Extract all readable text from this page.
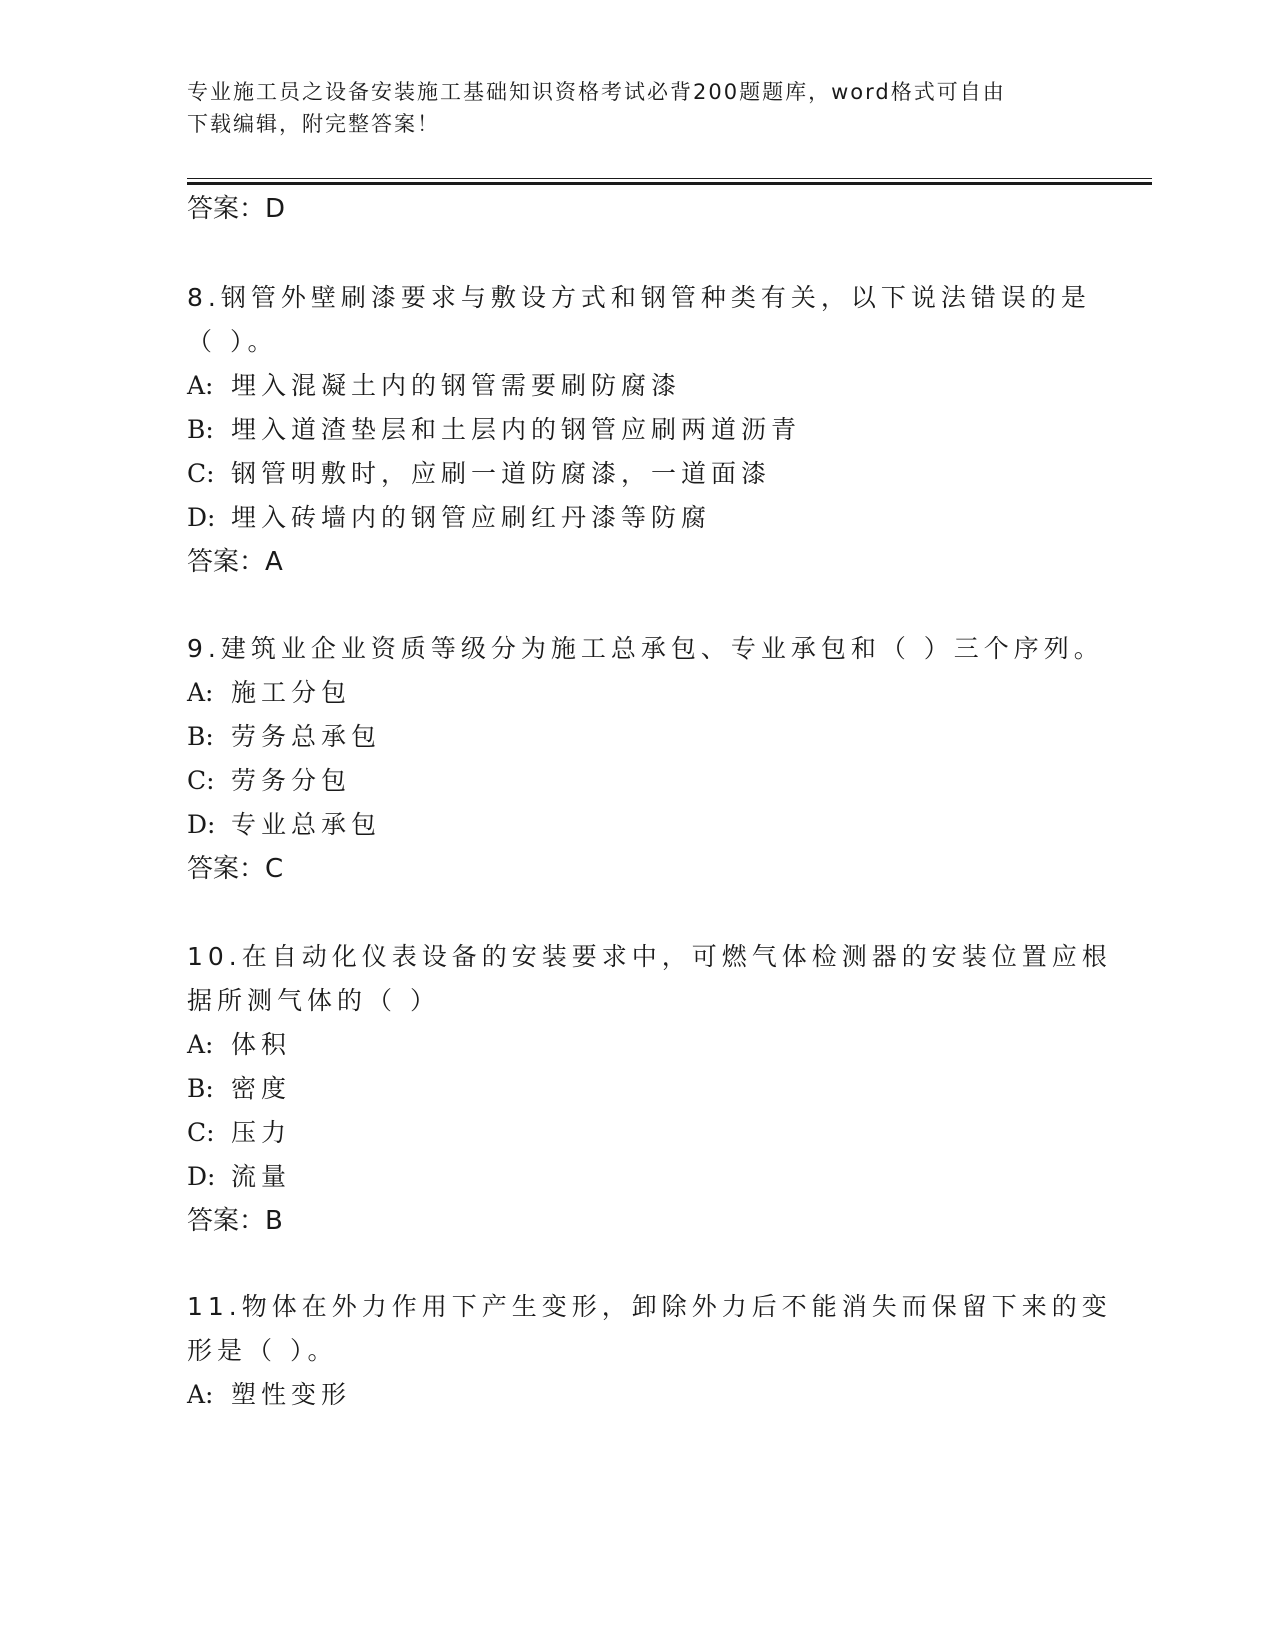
专业施工员之设备安装施工基础知识资格考试必背200题题库，word格式可自由
下载编辑，附完整答案！
答案：D
8.钢管外壁刷漆要求与敷设方式和钢管种类有关，以下说法错误的是
（ ）。
A: 埋入混凝土内的钢管需要刷防腐漆
B: 埋入道渣垫层和土层内的钢管应刷两道沥青
C: 钢管明敷时，应刷一道防腐漆，一道面漆
D: 埋入砖墙内的钢管应刷红丹漆等防腐
答案：A
9.建筑业企业资质等级分为施工总承包、专业承包和（ ）三个序列。
A: 施工分包
B: 劳务总承包
C: 劳务分包
D: 专业总承包
答案：C
10.在自动化仪表设备的安装要求中，可燃气体检测器的安装位置应根
据所测气体的（ ）
A: 体积
B: 密度
C: 压力
D: 流量
答案：B
11.物体在外力作用下产生变形，卸除外力后不能消失而保留下来的变
形是（ ）。
A: 塑性变形
